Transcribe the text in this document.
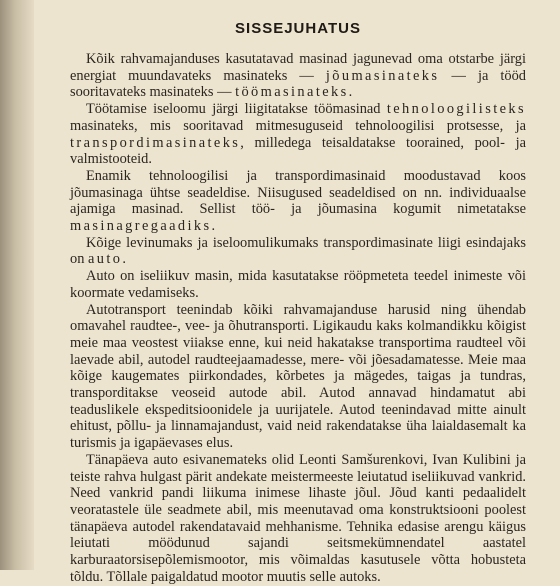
SISSEJUHATUS

Kõik rahvamajanduses kasutatavad masinad jagunevad oma otstarbe järgi energiat muundavateks masinateks — jõumasinateks — ja tööd sooritavateks masinateks — töömasinateks.

Töötamise iseloomu järgi liigitatakse töömasinad tehnoloogilisteks masinateks, mis sooritavad mitmesuguseid tehnoloogilisi protsesse, ja transpordimasinateks, milledega teisaldatakse toorained, pool- ja valmistooteid.

Enamik tehnoloogilisi ja transpordimasinaid moodustavad koos jõumasinaga ühtse seadeldise. Niisugused seadeldised on nn. individuaalse ajamiga masinad. Sellist töö- ja jõumasina kogumit nimetatakse masinagregaadiks.

Kõige levinumaks ja iseloomulikumaks transpordimasinate liigi esindajaks on auto.

Auto on iseliikuv masin, mida kasutatakse rööpmeteta teedel inimeste või koormate vedamiseks.

Autotransport teenindab kõiki rahvamajanduse harusid ning ühendab omavahel raudtee-, vee- ja õhutransporti. Ligikaudu kaks kolmandikku kõigist meie maa veostest viiakse enne, kui neid hakatakse transportima raudteel või laevade abil, autodel raudteejaamadesse, mere- või jõesadamatesse. Meie maa kõige kaugemates piirkondades, kõrbetes ja mägedes, taigas ja tundras, transporditakse veoseid autode abil. Autod annavad hindamatut abi teaduslikele ekspeditsioonidele ja uurijatele. Autod teenindavad mitte ainult ehitust, põllu- ja linnamajandust, vaid neid rakendatakse üha laialdasemalt ka turismis ja igapäevases elus.

Tänapäeva auto esivanemateks olid Leonti Samšurenkovi, Ivan Kulibini ja teiste rahva hulgast pärit andekate meistermeeste leiutatud iseliikuvad vankrid. Need vankrid pandi liikuma inimese lihaste jõul. Jõud kanti pedaalidelt veoratastele üle seadmete abil, mis meenutavad oma konstruktsiooni poolest tänapäeva autodel rakendatavaid mehhanisme. Tehnika edasise arengu käigus leiutati möödunud sajandi seitsmekümnendatel aastatel karburaatorsisepõlemismootor, mis võimaldas kasutusele võtta hobusteta tõldu. Tõllale paigaldatud mootor muutis selle autoks.
